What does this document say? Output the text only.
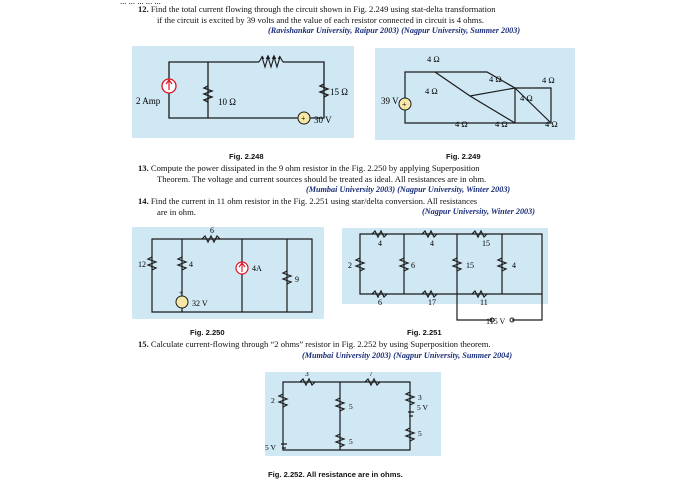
... ... ... ... ...
12. Find the total current flowing through the circuit shown in Fig. 2.249 using stat-delta transformation
if the circuit is excited by 39 volts and the value of each resistor connected in circuit is 4 ohms.
(Ravishankar University, Raipur 2003) (Nagpur University, Summer 2003)
+
2 Amp	10 Ω
15 Ω
30 V
+
39 V
4 Ω
4 Ω
4 Ω	4 Ω
4 Ω
4 Ω	4 Ω	4 Ω
Fig. 2.248	Fig. 2.249
13. Compute the power dissipated in the 9 ohm resistor in the Fig. 2.250 by applying Superposition
Theorem. The voltage and current sources should be treated as ideal. All resistances are in ohm.
(Mumbai University 2003) (Nagpur University, Winter 2003)
14. Find the current in 11 ohm resistor in the Fig. 2.251 using star/delta conversion. All resistances
are in ohm.	(Nagpur University, Winter 2003)
+
12
6
4	4A
9
32 V
2
4	4	15
6	15	4
6	17	11
115 V
Fig. 2.250	Fig. 2.251
15. Calculate current-flowing through “2 ohms” resistor in Fig. 2.252 by using Superposition theorem.
(Mumbai University 2003) (Nagpur University, Summer 2004)
2
3	7
5
3
5 V
5
5 V
5
Fig. 2.252. All resistance are in ohms.
